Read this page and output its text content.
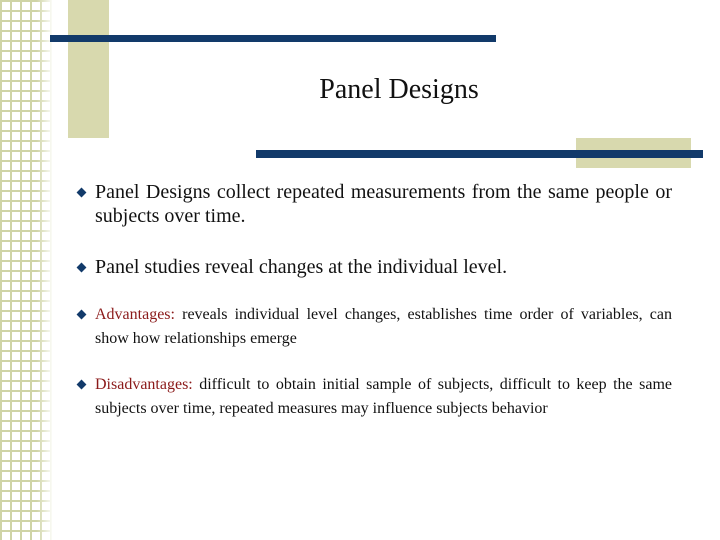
Panel Designs
Panel Designs collect repeated measurements from the same people or subjects over time.
Panel studies reveal changes at the individual level.
Advantages: reveals individual level changes, establishes time order of variables, can show how relationships emerge
Disadvantages: difficult to obtain initial sample of subjects, difficult to keep the same subjects over time, repeated measures may influence subjects behavior
